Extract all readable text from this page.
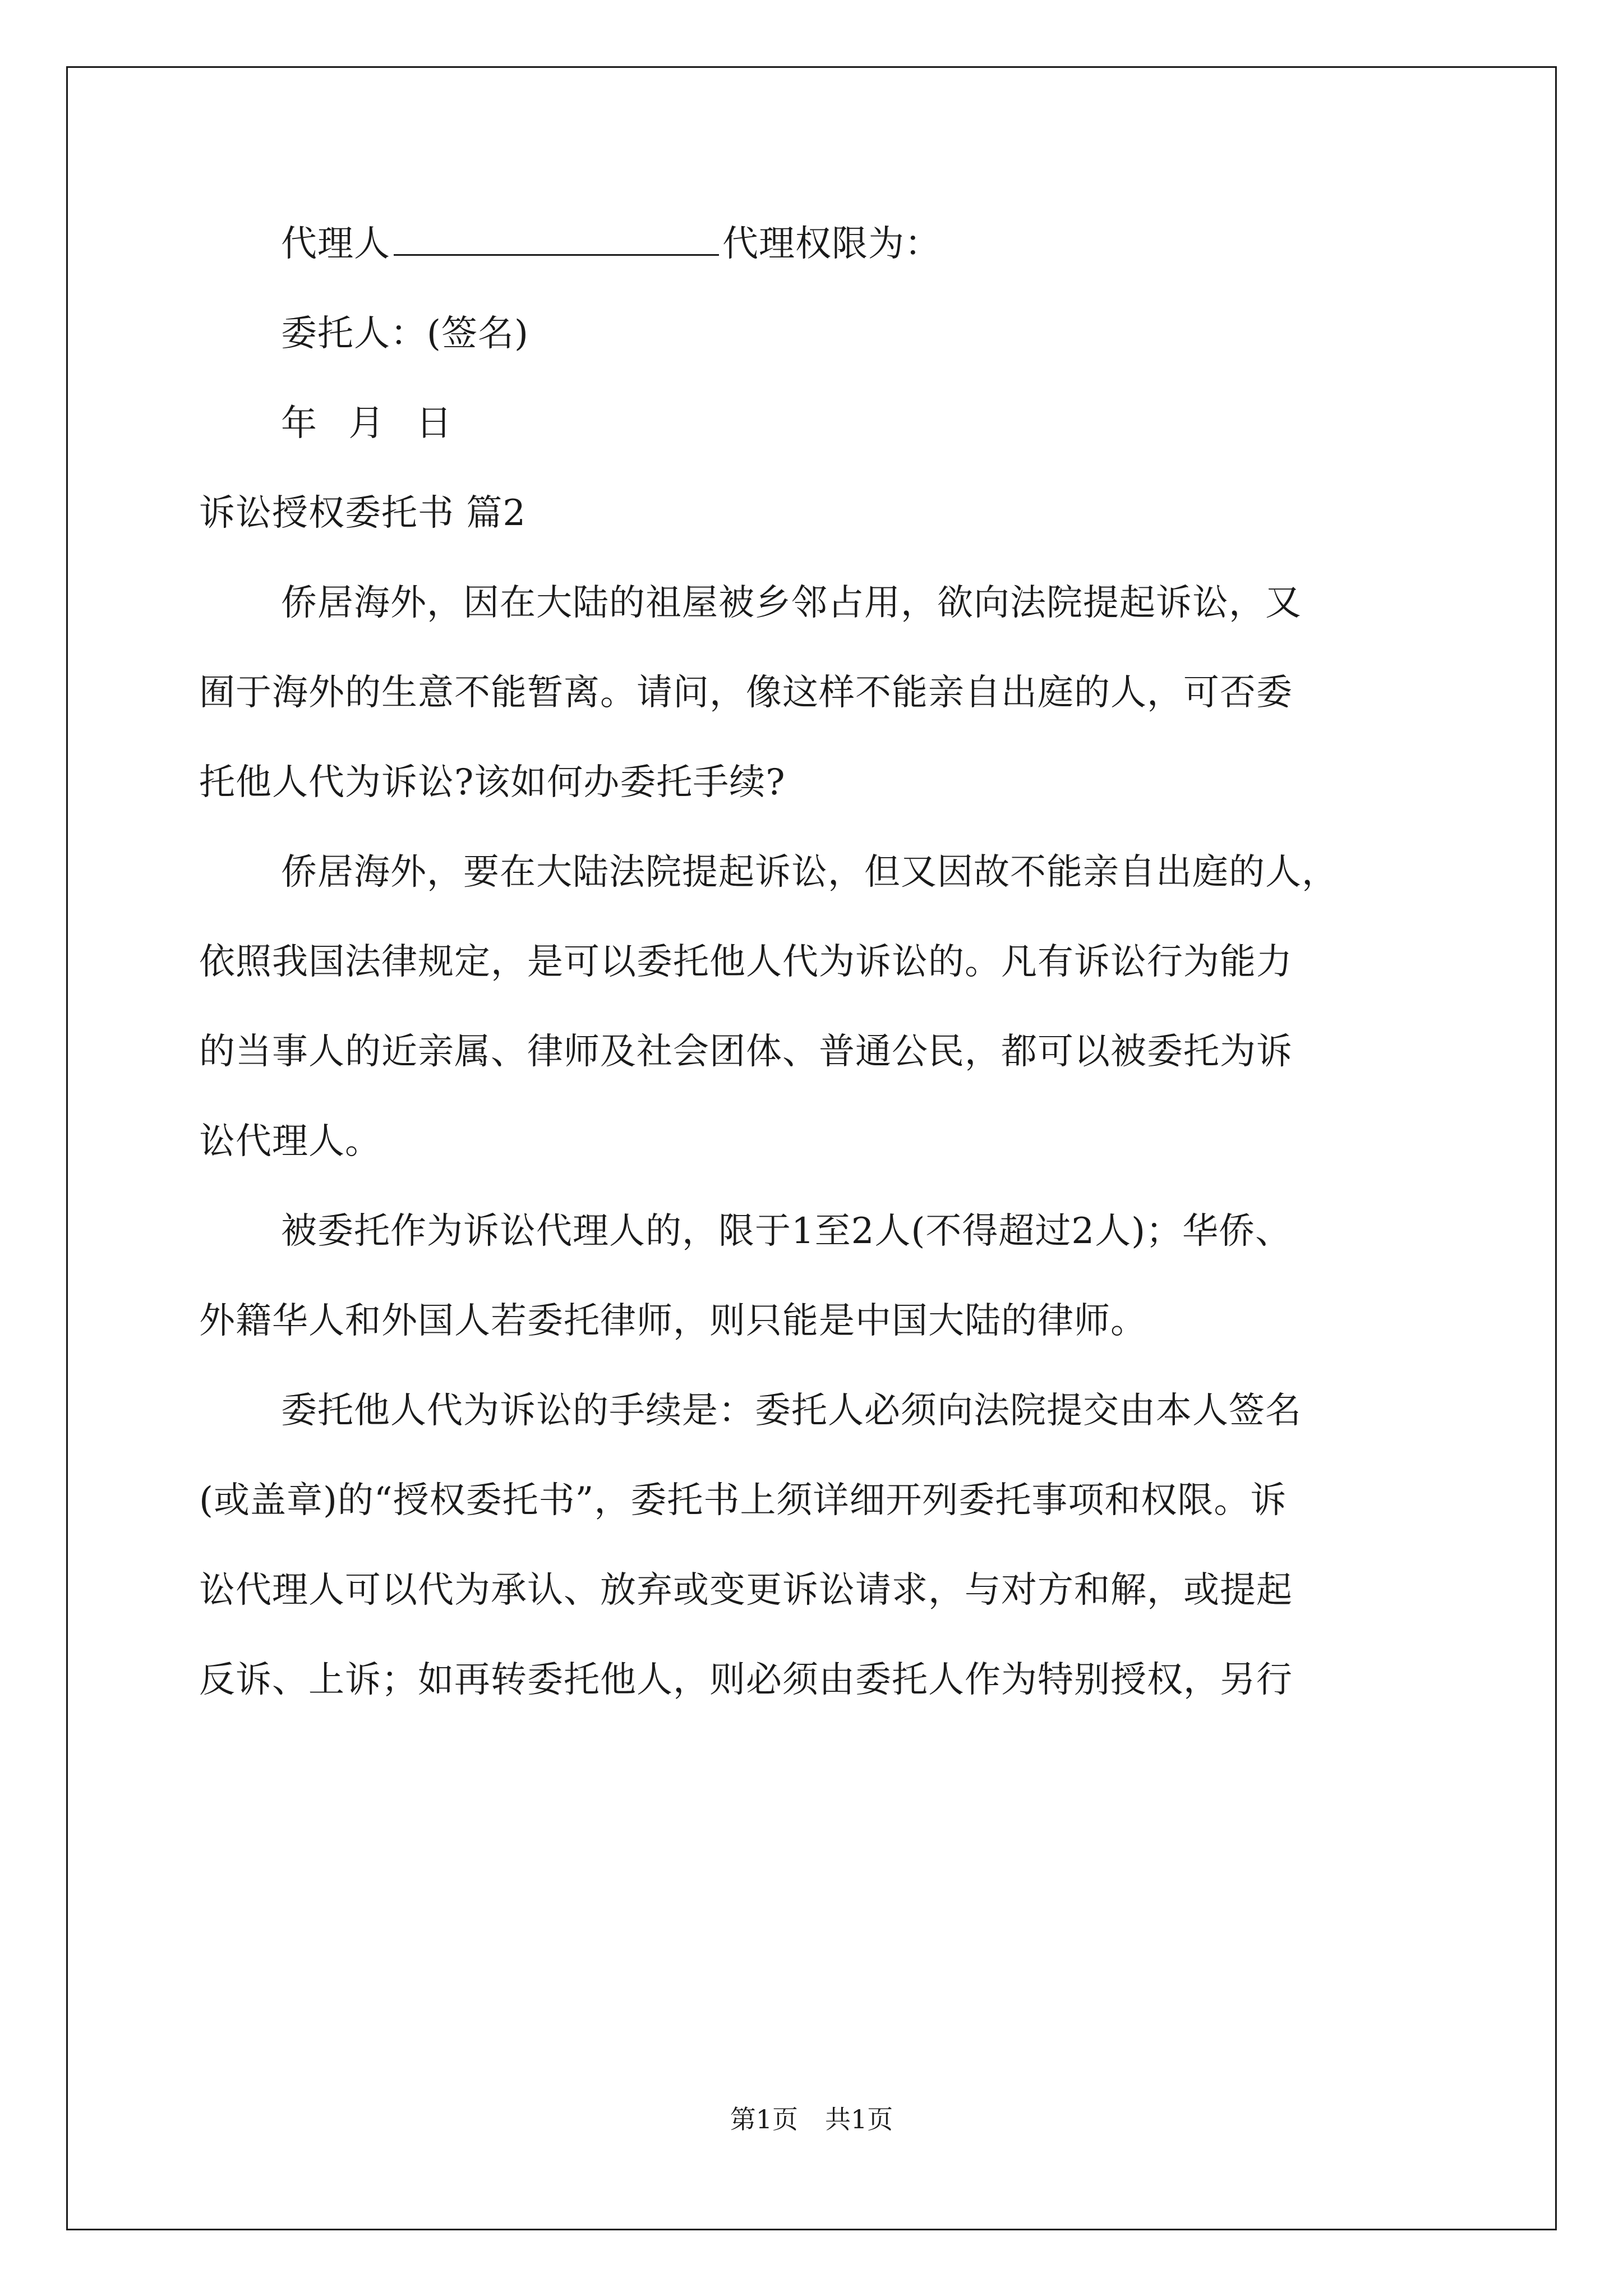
代理人	代理权限为：
委托人：(签名)
年 月 日
诉讼授权委托书 篇2
侨居海外，因在大陆的祖屋被乡邻占用，欲向法院提起诉讼，又
囿于海外的生意不能暂离。请问，像这样不能亲自出庭的人，可否委
托他人代为诉讼?该如何办委托手续?
侨居海外，要在大陆法院提起诉讼，但又因故不能亲自出庭的人，
依照我国法律规定，是可以委托他人代为诉讼的。凡有诉讼行为能力
的当事人的近亲属、律师及社会团体、普通公民，都可以被委托为诉
讼代理人。
被委托作为诉讼代理人的，限于1至2人(不得超过2人)；华侨、
外籍华人和外国人若委托律师，则只能是中国大陆的律师。
委托他人代为诉讼的手续是：委托人必须向法院提交由本人签名
(或盖章)的“授权委托书”，委托书上须详细开列委托事项和权限。诉
讼代理人可以代为承认、放弃或变更诉讼请求，与对方和解，或提起
反诉、上诉；如再转委托他人，则必须由委托人作为特别授权，另行
第1页 共1页
